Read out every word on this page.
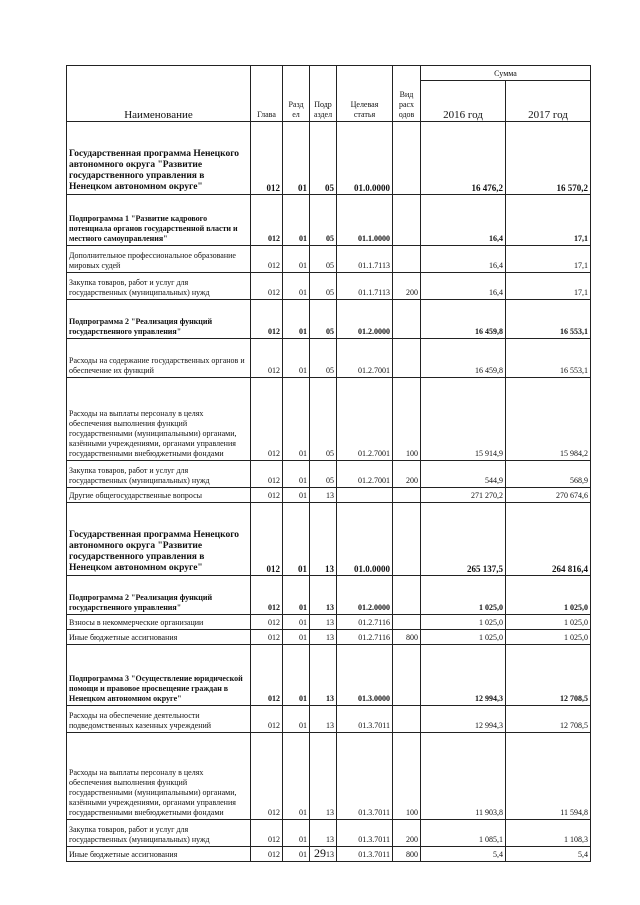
Наименование	Глава	Разд ел	Подр аздел	Целевая статья	Вид расх одов	Сумма	
						2016 год	2017 год
Государственная программа Ненецкого автономного округа "Развитие государственного управления в Ненецком автономном округе"	012	01	05	01.0.0000		16 476,2	16 570,2
Подпрограмма 1 "Развитие кадрового потенциала органов государственной власти и местного самоуправления"	012	01	05	01.1.0000		16,4	17,1
Дополнительное профессиональное образование мировых судей	012	01	05	01.1.7113		16,4	17,1
Закупка товаров, работ и услуг для государственных (муниципальных) нужд	012	01	05	01.1.7113	200	16,4	17,1
Подпрограмма 2 "Реализация функций государственного управления"	012	01	05	01.2.0000		16 459,8	16 553,1
Расходы на содержание государственных органов и обеспечение их функций	012	01	05	01.2.7001		16 459,8	16 553,1
Расходы на выплаты персоналу в целях обеспечения выполнения функций государственными (муниципальными) органами, казёнными учреждениями, органами управления государственными внебюджетными фондами	012	01	05	01.2.7001	100	15 914,9	15 984,2
Закупка товаров, работ и услуг для государственных (муниципальных) нужд	012	01	05	01.2.7001	200	544,9	568,9
Другие общегосударственные вопросы	012	01	13			271 270,2	270 674,6
Государственная программа Ненецкого автономного округа "Развитие государственного управления в Ненецком автономном округе"	012	01	13	01.0.0000		265 137,5	264 816,4
Подпрограмма 2 "Реализация функций государственного управления"	012	01	13	01.2.0000		1 025,0	1 025,0
Взносы в некоммерческие организации	012	01	13	01.2.7116		1 025,0	1 025,0
Иные бюджетные ассигнования	012	01	13	01.2.7116	800	1 025,0	1 025,0
Подпрограмма 3 "Осуществление юридической помощи и правовое просвещение граждан в Ненецком автономном округе"	012	01	13	01.3.0000		12 994,3	12 708,5
Расходы на обеспечение деятельности подведомственных казенных учреждений	012	01	13	01.3.7011		12 994,3	12 708,5
Расходы на выплаты персоналу в целях обеспечения выполнения функций государственными (муниципальными) органами, казёнными учреждениями, органами управления государственными внебюджетными фондами	012	01	13	01.3.7011	100	11 903,8	11 594,8
Закупка товаров, работ и услуг для государственных (муниципальных) нужд	012	01	13	01.3.7011	200	1 085,1	1 108,3
Иные бюджетные ассигнования	012	01	13	01.3.7011	800	5,4	5,4
29
